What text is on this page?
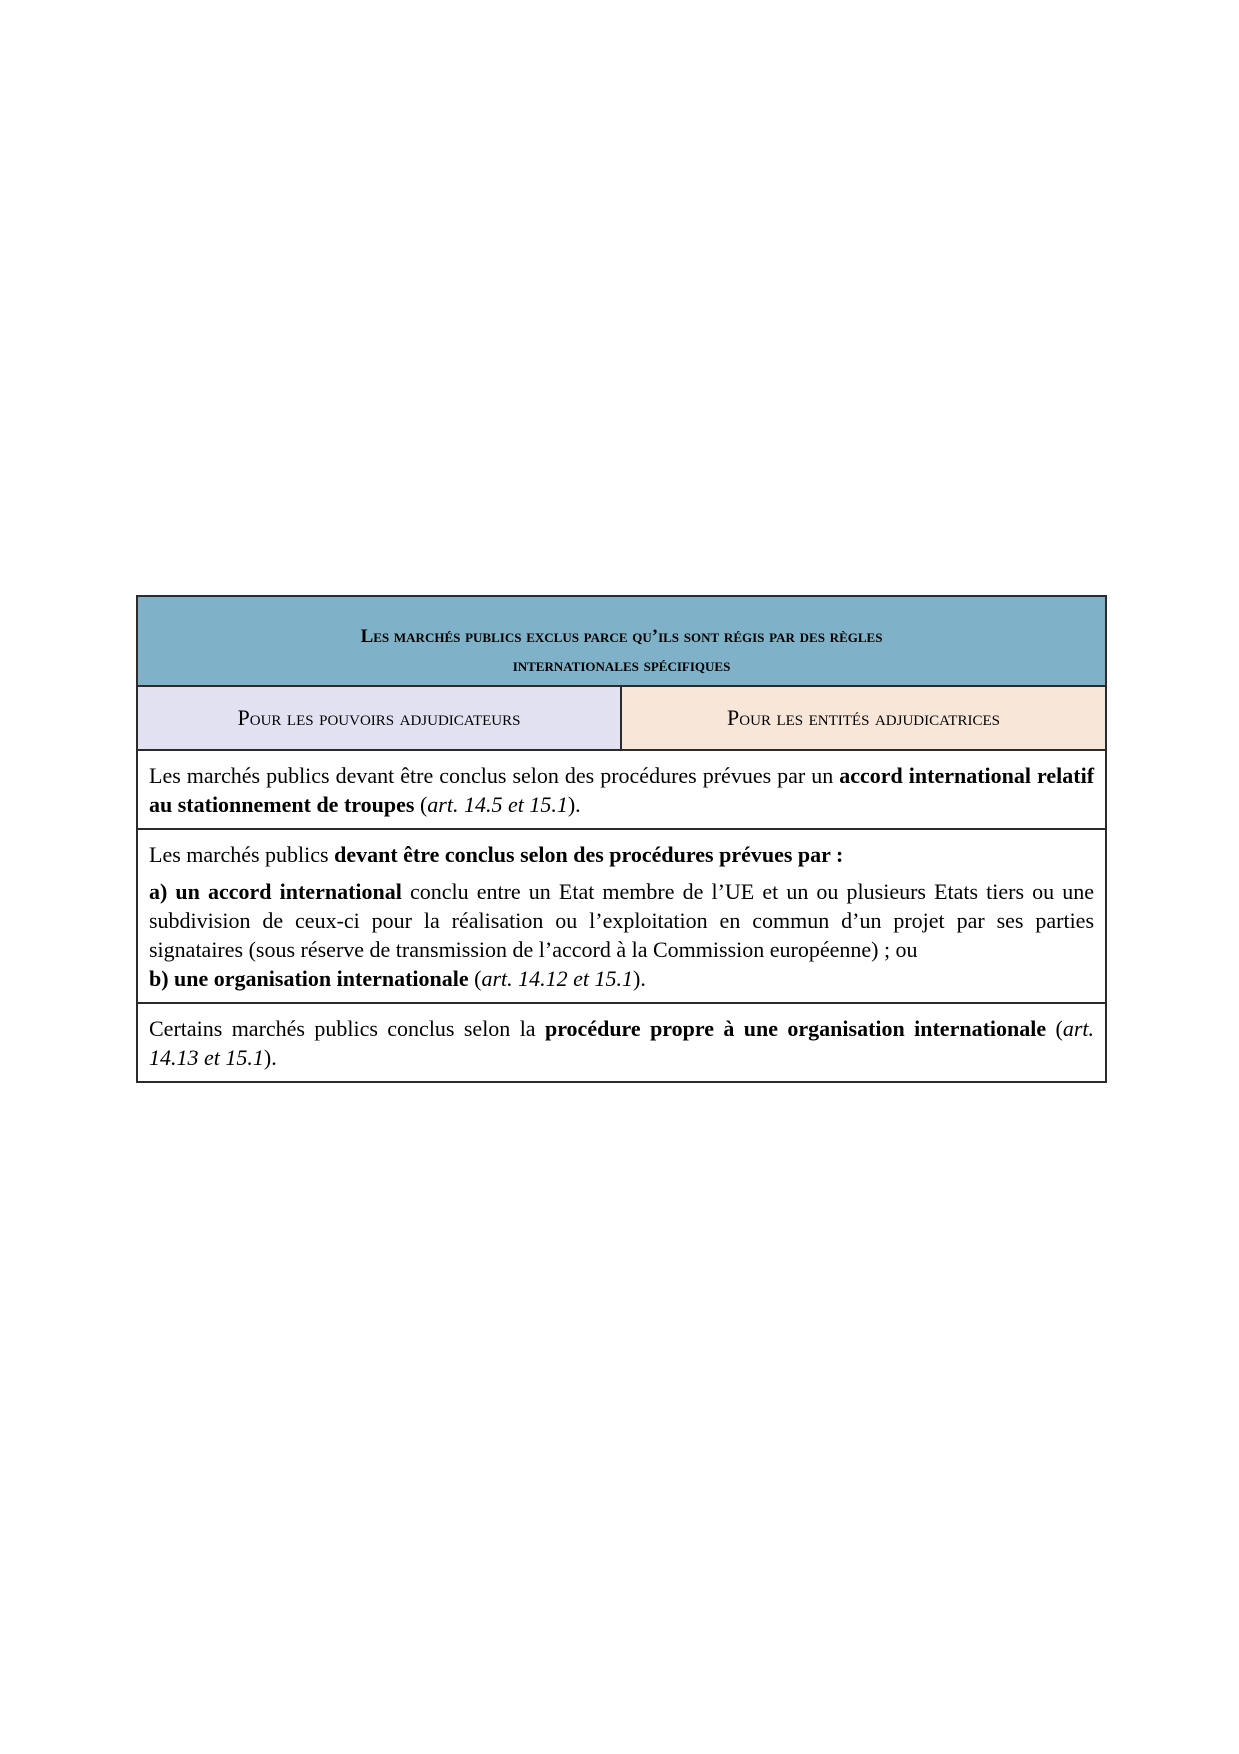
Les marchés publics exclus parce qu’ils sont régis par des règles
internationales spécifiques

Pour les pouvoirs adjudicateurs	Pour les entités adjudicatrices

Les marchés publics devant être conclus selon des procédures prévues par un accord international relatif au stationnement de troupes (art. 14.5 et 15.1).

Les marchés publics devant être conclus selon des procédures prévues par :

a) un accord international conclu entre un Etat membre de l’UE et un ou plusieurs Etats tiers ou une subdivision de ceux-ci pour la réalisation ou l’exploitation en commun d’un projet par ses parties signataires (sous réserve de transmission de l’accord à la Commission européenne) ; ou
b) une organisation internationale (art. 14.12 et 15.1).

Certains marchés publics conclus selon la procédure propre à une organisation internationale (art. 14.13 et 15.1).
